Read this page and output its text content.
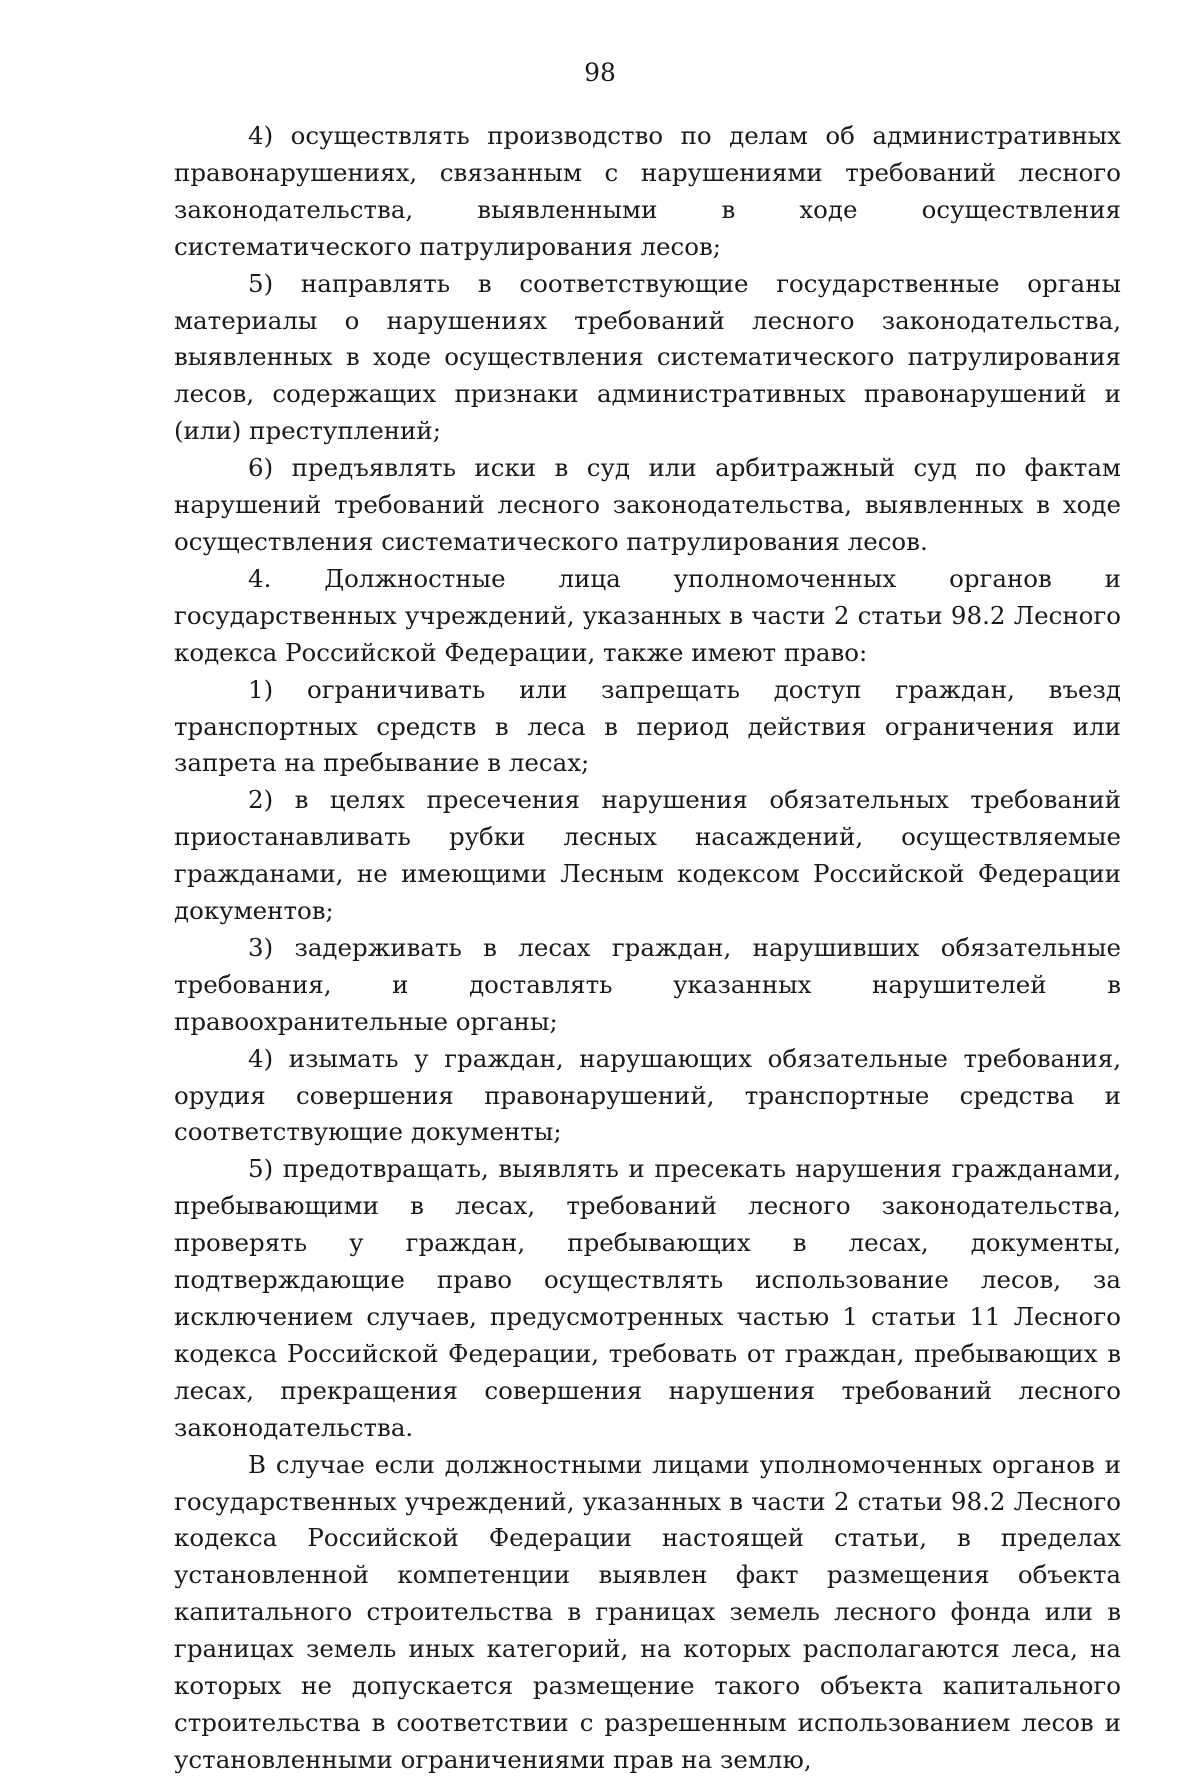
98

4) осуществлять производство по делам об административных правонарушениях, связанным с нарушениями требований лесного законодательства, выявленными в ходе осуществления систематического патрулирования лесов;

5) направлять в соответствующие государственные органы материалы о нарушениях требований лесного законодательства, выявленных в ходе осуществления систематического патрулирования лесов, содержащих признаки административных правонарушений и (или) преступлений;

6) предъявлять иски в суд или арбитражный суд по фактам нарушений требований лесного законодательства, выявленных в ходе осуществления систематического патрулирования лесов.

4. Должностные лица уполномоченных органов и государственных учреждений, указанных в части 2 статьи 98.2 Лесного кодекса Российской Федерации, также имеют право:

1) ограничивать или запрещать доступ граждан, въезд транспортных средств в леса в период действия ограничения или запрета на пребывание в лесах;

2) в целях пресечения нарушения обязательных требований приостанавливать рубки лесных насаждений, осуществляемые гражданами, не имеющими Лесным кодексом Российской Федерации документов;

3) задерживать в лесах граждан, нарушивших обязательные требования, и доставлять указанных нарушителей в правоохранительные органы;

4) изымать у граждан, нарушающих обязательные требования, орудия совершения правонарушений, транспортные средства и соответствующие документы;

5) предотвращать, выявлять и пресекать нарушения гражданами, пребывающими в лесах, требований лесного законодательства, проверять у граждан, пребывающих в лесах, документы, подтверждающие право осуществлять использование лесов, за исключением случаев, предусмотренных частью 1 статьи 11 Лесного кодекса Российской Федерации, требовать от граждан, пребывающих в лесах, прекращения совершения нарушения требований лесного законодательства.

В случае если должностными лицами уполномоченных органов и государственных учреждений, указанных в части 2 статьи 98.2 Лесного кодекса Российской Федерации настоящей статьи, в пределах установленной компетенции выявлен факт размещения объекта капитального строительства в границах земель лесного фонда или в границах земель иных категорий, на которых располагаются леса, на которых не допускается размещение такого объекта капитального строительства в соответствии с разрешенным использованием лесов и установленными ограничениями прав на землю,
